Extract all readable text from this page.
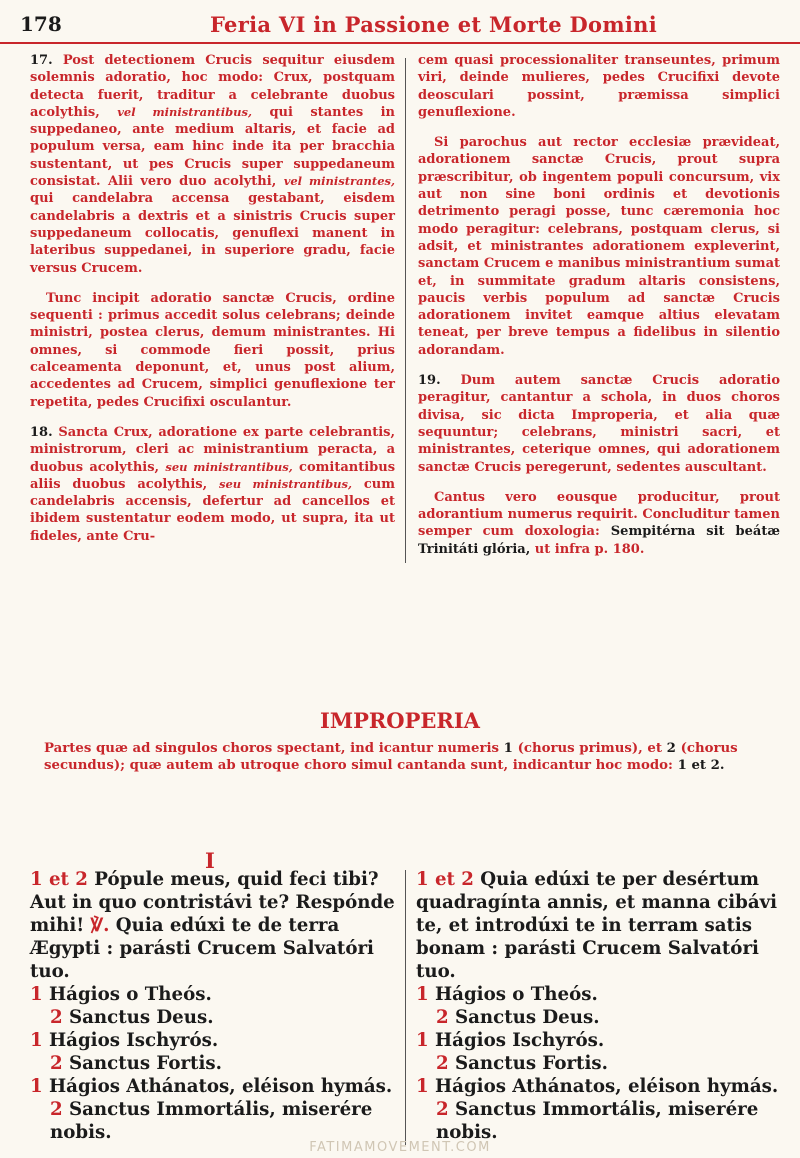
178	Feria VI in Passione et Morte Domini

17. Post detectionem Crucis sequitur eiusdem solemnis adoratio, hoc modo: Crux, postquam detecta fuerit, traditur a celebrante duobus acolythis, vel ministrantibus, qui stantes in suppedaneo, ante medium altaris, et facie ad populum versa, eam hinc inde ita per bracchia sustentant, ut pes Crucis super suppedaneum consistat. Alii vero duo acolythi, vel ministrantes, qui candelabra accensa gestabant, eisdem candelabris a dextris et a sinistris Crucis super suppedaneum collocatis, genuflexi manent in lateribus suppedanei, in superiore gradu, facie versus Crucem.

Tunc incipit adoratio sanctæ Crucis, ordine sequenti : primus accedit solus celebrans; deinde ministri, postea clerus, demum ministrantes. Hi omnes, si commode fieri possit, prius calceamenta deponunt, et, unus post alium, accedentes ad Crucem, simplici genuflexione ter repetita, pedes Crucifixi osculantur.

18. Sancta Crux, adoratione ex parte celebrantis, ministrorum, cleri ac ministrantium peracta, a duobus acolythis, seu ministrantibus, comitantibus aliis duobus acolythis, seu ministrantibus, cum candelabris accensis, defertur ad cancellos et ibidem sustentatur eodem modo, ut supra, ita ut fideles, ante Cru-

cem quasi processionaliter transeuntes, primum viri, deinde mulieres, pedes Crucifixi devote deosculari possint, præmissa simplici genuflexione.

Si parochus aut rector ecclesiæ prævideat, adorationem sanctæ Crucis, prout supra præscribitur, ob ingentem populi concursum, vix aut non sine boni ordinis et devotionis detrimento peragi posse, tunc cæremonia hoc modo peragitur: celebrans, postquam clerus, si adsit, et ministrantes adorationem expleverint, sanctam Crucem e manibus ministrantium sumat et, in summitate gradum altaris consistens, paucis verbis populum ad sanctæ Crucis adorationem invitet eamque altius elevatam teneat, per breve tempus a fidelibus in silentio adorandam.

19. Dum autem sanctæ Crucis adoratio peragitur, cantantur a schola, in duos choros divisa, sic dicta Improperia, et alia quæ sequuntur; celebrans, ministri sacri, et ministrantes, ceterique omnes, qui adorationem sanctæ Crucis peregerunt, sedentes auscultant.

Cantus vero eousque producitur, prout adorantium numerus requirit. Concluditur tamen semper cum doxologia: Sempitérna sit beátæ Trinitáti glória, ut infra p. 180.

IMPROPERIA
Partes quæ ad singulos choros spectant, ind icantur numeris 1 (chorus primus), et 2 (chorus secundus); quæ autem ab utroque choro simul cantanda sunt, indicantur hoc modo: 1 et 2.
I

1 et 2 Pópule meus, quid feci tibi? Aut in quo contristávi te? Respónde mihi! ℣. Quia edúxi te de terra Ægypti : parásti Crucem Salvatóri tuo.

1 Hágios o Theós.

2 Sanctus Deus.

1 Hágios Ischyrós.

2 Sanctus Fortis.

1 Hágios Athánatos, eléison hymás.

2 Sanctus Immortális, miserére nobis.

1 et 2 Quia edúxi te per desértum quadragínta annis, et manna cibávi te, et introdúxi te in terram satis bonam : parásti Crucem Salvatóri tuo.

1 Hágios o Theós.

2 Sanctus Deus.

1 Hágios Ischyrós.

2 Sanctus Fortis.

1 Hágios Athánatos, eléison hymás.

2 Sanctus Immortális, miserére nobis.

FATIMAMOVEMENT.COM
